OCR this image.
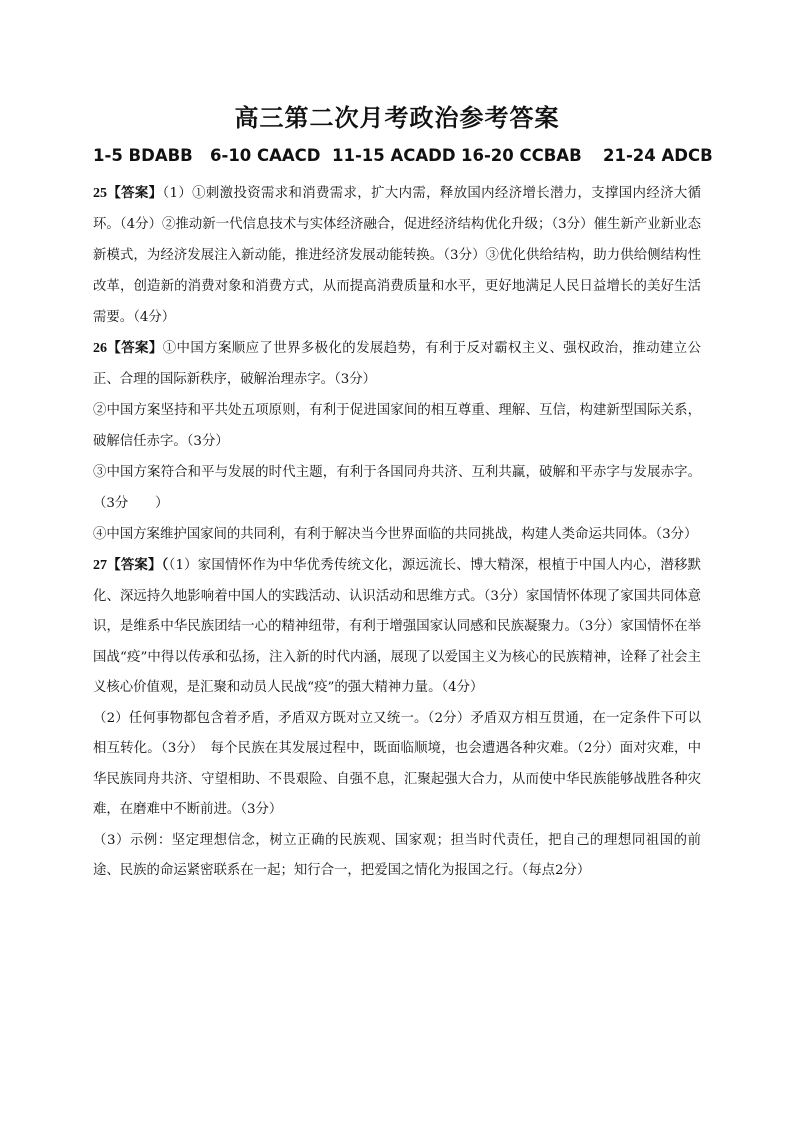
高三第二次月考政治参考答案
1-5 BDABB 6-10 CAACD 11-15 ACADD 16-20 CCBAB 21-24 ADCB

25【答案】（1）①刺激投资需求和消费需求，扩大内需，释放国内经济增长潜力，支撑国内经济大循环。（4分）②推动新一代信息技术与实体经济融合，促进经济结构优化升级；（3分）催生新产业新业态新模式，为经济发展注入新动能，推进经济发展动能转换。（3分）③优化供给结构，助力供给侧结构性改革，创造新的消费对象和消费方式，从而提高消费质量和水平，更好地满足人民日益增长的美好生活需要。（4分）

26【答案】①中国方案顺应了世界多极化的发展趋势，有利于反对霸权主义、强权政治，推动建立公正、合理的国际新秩序，破解治理赤字。（3分）

②中国方案坚持和平共处五项原则，有利于促进国家间的相互尊重、理解、互信，构建新型国际关系，破解信任赤字。（3分）

③中国方案符合和平与发展的时代主题，有利于各国同舟共济、互利共赢，破解和平赤字与发展赤字。（3分　　）

④中国方案维护国家间的共同利，有利于解决当今世界面临的共同挑战，构建人类命运共同体。（3分）

27【答案】（（1）家国情怀作为中华优秀传统文化，源远流长、博大精深，根植于中国人内心，潜移默化、深远持久地影响着中国人的实践活动、认识活动和思维方式。（3分）家国情怀体现了家国共同体意识，是维系中华民族团结一心的精神纽带，有利于增强国家认同感和民族凝聚力。（3分）家国情怀在举国战“疫”中得以传承和弘扬，注入新的时代内涵，展现了以爱国主义为核心的民族精神，诠释了社会主义核心价值观，是汇聚和动员人民战“疫”的强大精神力量。（4分）

（2）任何事物都包含着矛盾，矛盾双方既对立又统一。（2分）矛盾双方相互贯通，在一定条件下可以相互转化。（3分）　每个民族在其发展过程中，既面临顺境，也会遭遇各种灾难。（2分）面对灾难，中华民族同舟共济、守望相助、不畏艰险、自强不息，汇聚起强大合力，从而使中华民族能够战胜各种灾难，在磨难中不断前进。（3分）

（3）示例：坚定理想信念，树立正确的民族观、国家观；担当时代责任，把自己的理想同祖国的前途、民族的命运紧密联系在一起；知行合一，把爱国之情化为报国之行。（每点2分）
